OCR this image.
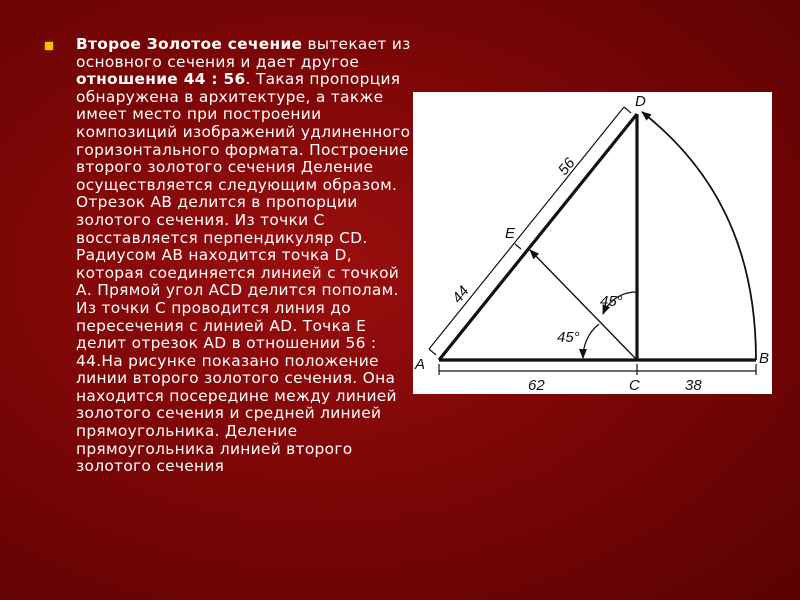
Второе Золотое сечение вытекает из основного сечения и дает другое отношение 44 : 56. Такая пропорция обнаружена в архитектуре, а также имеет место при построении композиций изображений удлиненного горизонтального формата. Построение второго золотого сечения Деление осуществляется следующим образом. Отрезок AB делится в пропорции золотого сечения. Из точки С восставляется перпендикуляр CD. Радиусом AB находится точка D, которая соединяется линией с точкой А. Прямой угол ACD делится пополам. Из точки С проводится линия до пересечения с линией AD. Точка Е делит отрезок AD в отношении 56 : 44.На рисунке показано положение линии второго золотого сечения. Она находится посередине между линией золотого сечения и средней линией прямоугольника. Деление прямоугольника линией второго золотого сечения
A	B
C
D
E
56
44
62	38
45°
45°
